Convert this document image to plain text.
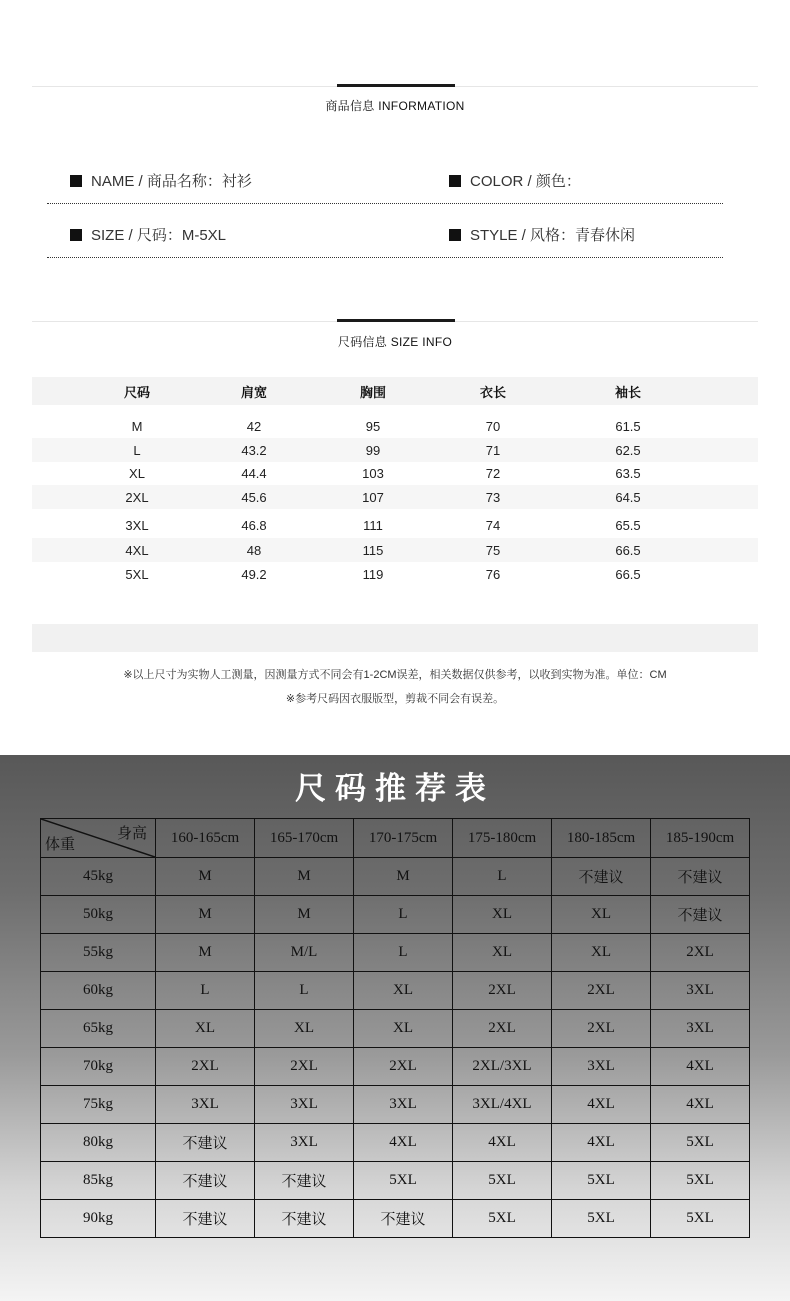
商品信息 INFORMATION
NAME / 商品名称：衬衫	COLOR / 颜色：
SIZE / 尺码：M-5XL	STYLE / 风格：青春休闲
尺码信息 SIZE INFO
尺码	肩宽	胸围	衣长	袖长
M	42	95	70	61.5
L	43.2	99	71	62.5
XL	44.4	103	72	63.5
2XL	45.6	107	73	64.5
3XL	46.8	111	74	65.5
4XL	48	115	75	66.5
5XL	49.2	119	76	66.5
※以上尺寸为实物人工测量，因测量方式不同会有1-2CM误差，相关数据仅供参考，以收到实物为准。单位：CM
※参考尺码因衣服版型，剪裁不同会有误差。
尺码推荐表
身高
体重	160-165cm	165-170cm	170-175cm	175-180cm	180-185cm	185-190cm
45kg	M	M	M	L	不建议	不建议
50kg	M	M	L	XL	XL	不建议
55kg	M	M/L	L	XL	XL	2XL
60kg	L	L	XL	2XL	2XL	3XL
65kg	XL	XL	XL	2XL	2XL	3XL
70kg	2XL	2XL	2XL	2XL/3XL	3XL	4XL
75kg	3XL	3XL	3XL	3XL/4XL	4XL	4XL
80kg	不建议	3XL	4XL	4XL	4XL	5XL
85kg	不建议	不建议	5XL	5XL	5XL	5XL
90kg	不建议	不建议	不建议	5XL	5XL	5XL
